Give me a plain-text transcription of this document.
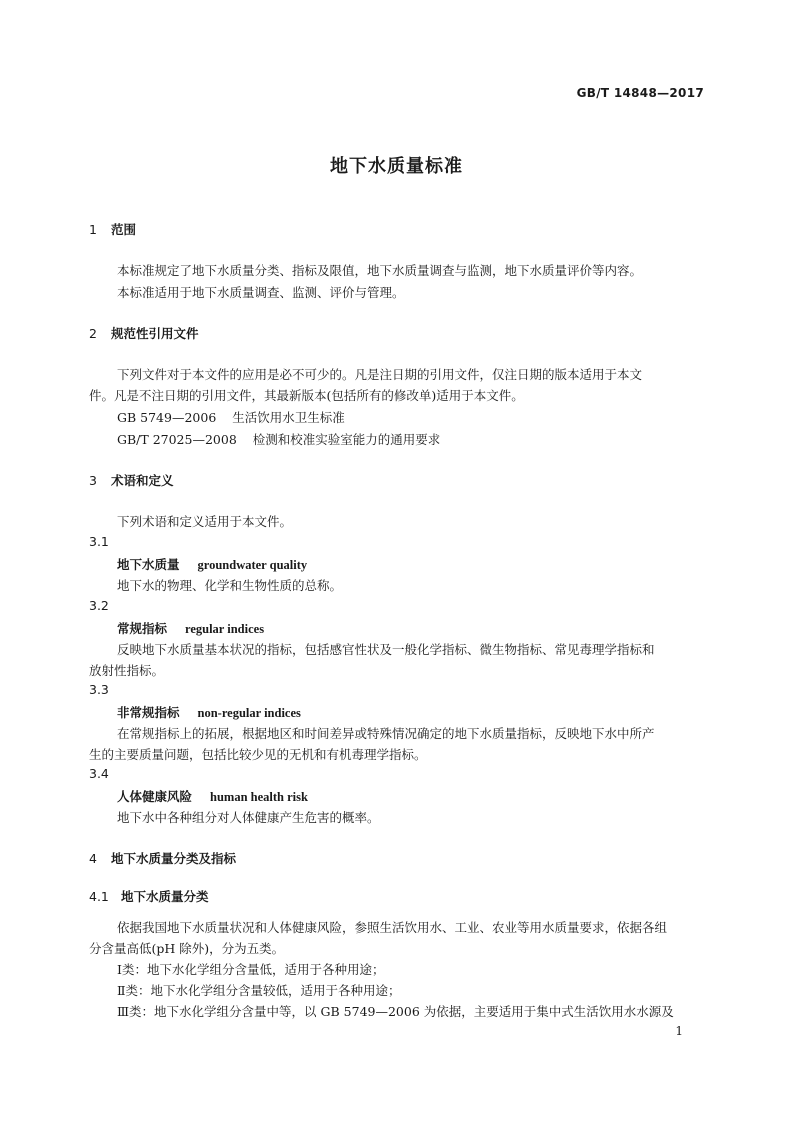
GB/T 14848—2017
地下水质量标准
1 范围
本标准规定了地下水质量分类、指标及限值，地下水质量调查与监测，地下水质量评价等内容。
本标准适用于地下水质量调查、监测、评价与管理。
2 规范性引用文件
下列文件对于本文件的应用是必不可少的。凡是注日期的引用文件，仅注日期的版本适用于本文
件。凡是不注日期的引用文件，其最新版本(包括所有的修改单)适用于本文件。
GB 5749—2006 生活饮用水卫生标准
GB/T 27025—2008 检测和校准实验室能力的通用要求
3 术语和定义
下列术语和定义适用于本文件。
3.1
地下水质量 groundwater quality
地下水的物理、化学和生物性质的总称。
3.2
常规指标 regular indices
反映地下水质量基本状况的指标，包括感官性状及一般化学指标、微生物指标、常见毒理学指标和
放射性指标。
3.3
非常规指标 non-regular indices
在常规指标上的拓展，根据地区和时间差异或特殊情况确定的地下水质量指标，反映地下水中所产
生的主要质量问题，包括比较少见的无机和有机毒理学指标。
3.4
人体健康风险 human health risk
地下水中各种组分对人体健康产生危害的概率。
4 地下水质量分类及指标
4.1 地下水质量分类
依据我国地下水质量状况和人体健康风险，参照生活饮用水、工业、农业等用水质量要求，依据各组
分含量高低(pH 除外)，分为五类。
Ⅰ类：地下水化学组分含量低，适用于各种用途；
Ⅱ类：地下水化学组分含量较低，适用于各种用途；
Ⅲ类：地下水化学组分含量中等，以 GB 5749—2006 为依据，主要适用于集中式生活饮用水水源及
1
